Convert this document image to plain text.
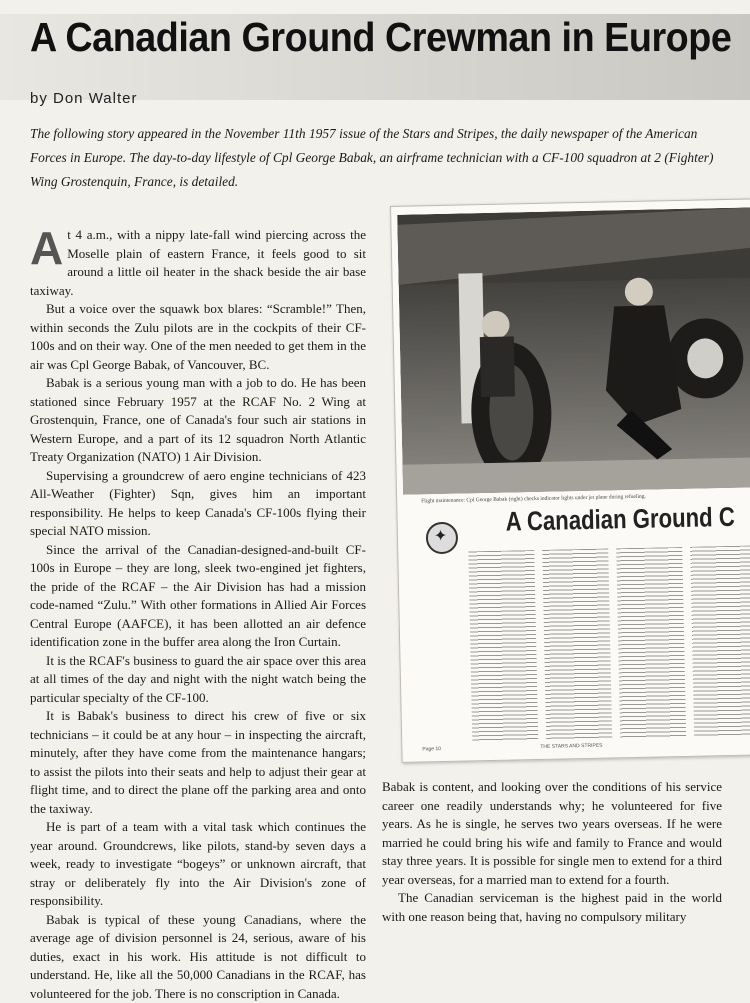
A Canadian Ground Crewman in Europe
by Don Walter
The following story appeared in the November 11th 1957 issue of the Stars and Stripes, the daily newspaper of the American Forces in Europe. The day-to-day lifestyle of Cpl George Babak, an airframe technician with a CF-100 squadron at 2 (Fighter) Wing Grostenquin, France, is detailed.

At 4 a.m., with a nippy late-fall wind piercing across the Moselle plain of eastern France, it feels good to sit around a little oil heater in the shack beside the air base taxiway.

But a voice over the squawk box blares: “Scramble!” Then, within seconds the Zulu pilots are in the cockpits of their CF-100s and on their way. One of the men needed to get them in the air was Cpl George Babak, of Vancouver, BC.

Babak is a serious young man with a job to do. He has been stationed since February 1957 at the RCAF No. 2 Wing at Grostenquin, France, one of Canada's four such air stations in Western Europe, and a part of its 12 squadron North Atlantic Treaty Organization (NATO) 1 Air Division.

Supervising a groundcrew of aero engine technicians of 423 All-Weather (Fighter) Sqn, gives him an important responsibility. He helps to keep Canada's CF-100s flying their special NATO mission.

Since the arrival of the Canadian-designed-and-built CF-100s in Europe – they are long, sleek two-engined jet fighters, the pride of the RCAF – the Air Division has had a mission code-named “Zulu.” With other formations in Allied Air Forces Central Europe (AAFCE), it has been allotted an air defence identification zone in the buffer area along the Iron Curtain.

It is the RCAF's business to guard the air space over this area at all times of the day and night with the night watch being the particular specialty of the CF-100.

It is Babak's business to direct his crew of five or six technicians – it could be at any hour – in inspecting the aircraft, minutely, after they have come from the maintenance hangars; to assist the pilots into their seats and help to adjust their gear at flight time, and to direct the plane off the parking area and onto the taxiway.

He is part of a team with a vital task which continues the year around. Groundcrews, like pilots, stand-by seven days a week, ready to investigate “bogeys” or unknown aircraft, that stray or deliberately fly into the Air Division's zone of responsibility.

Babak is typical of these young Canadians, where the average age of division personnel is 24, serious, aware of his duties, exact in his work. His attitude is not difficult to understand. He, like all the 50,000 Canadians in the RCAF, has volunteered for the job. There is no conscription in Canada.

Flight maintenance: Cpl George Babak (right) checks indicator lights under jet plane during refueling.
✦
A Canadian Ground C
Page 10	THE STARS AND STRIPES

Babak is content, and looking over the conditions of his service career one readily understands why; he volunteered for five years. As he is single, he serves two years overseas. If he were married he could bring his wife and family to France and would stay three years. It is possible for single men to extend for a third year overseas, for a married man to extend for a fourth.

The Canadian serviceman is the highest paid in the world with one reason being that, having no compulsory military
